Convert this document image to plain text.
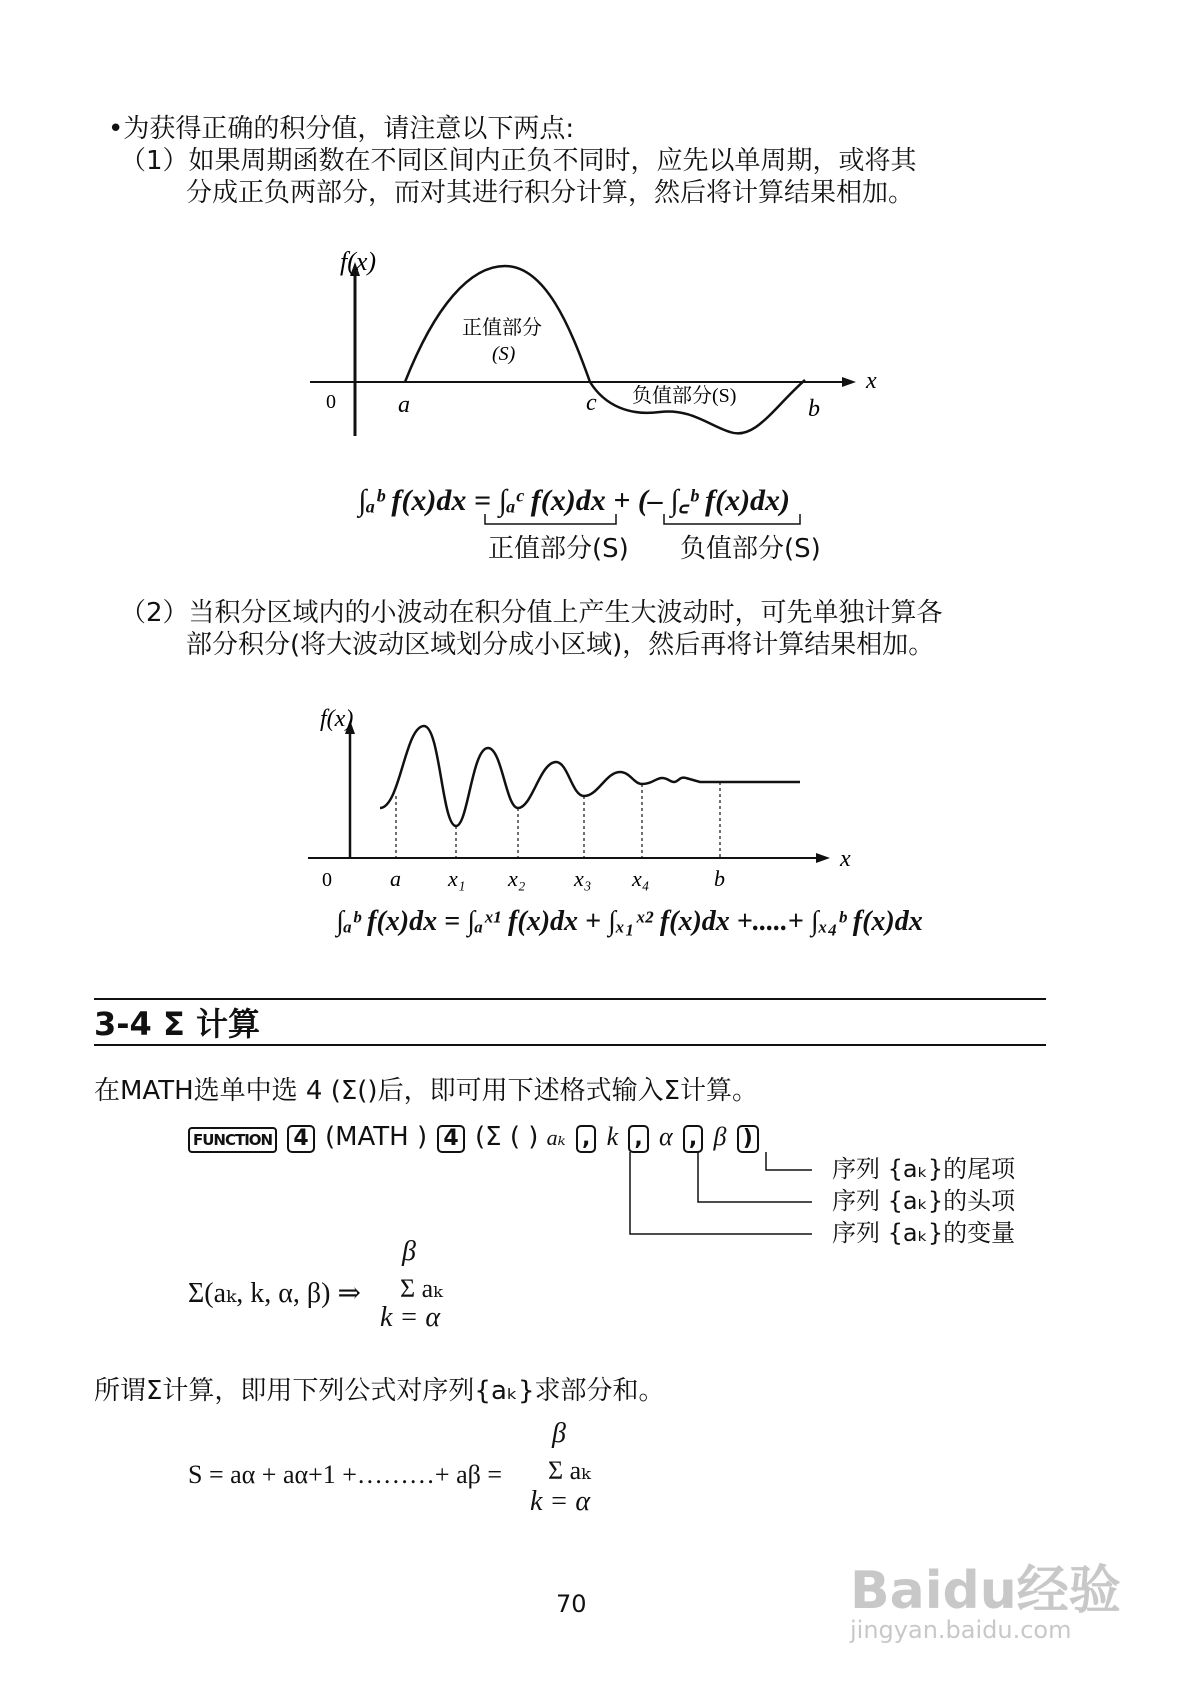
•为获得正确的积分值，请注意以下两点:
（1）如果周期函数在不同区间内正负不同时，应先以单周期，或将其
分成正负两部分，而对其进行积分计算，然后将计算结果相加。
f(x)
x
0	a	c	b
正值部分
(S)
负值部分(S)
∫ₐᵇ f(x)dx = ∫ₐᶜ f(x)dx + (– ∫꜀ᵇ f(x)dx)
正值部分(S) 负值部分(S)
（2）当积分区域内的小波动在积分值上产生大波动时，可先单独计算各
部分积分(将大波动区域划分成小区域)，然后再将计算结果相加。
f(x)
x
0	a x₁ x₂ x₃ x₄	b
∫ₐᵇ f(x)dx = ∫ₐˣ¹ f(x)dx + ∫ₓ₁ˣ² f(x)dx +.....+ ∫ₓ₄ᵇ f(x)dx
3-4 Σ 计算
在MATH选单中选 4 (Σ()后，即可用下述格式输入Σ计算。
FUNCTION 4 (MATH ) 4 (Σ ( ) aₖ , k , α , β )
序列 {aₖ}的尾项
序列 {aₖ}的头项
序列 {aₖ}的变量
Σ(aₖ, k, α, β) ⇒
β
Σ aₖ
k = α
所谓Σ计算，即用下列公式对序列{aₖ}求部分和。
S = aα + aα+1 +………+ aβ =
β
Σ aₖ
k = α
70	Baidu经验
jingyan.baidu.com
